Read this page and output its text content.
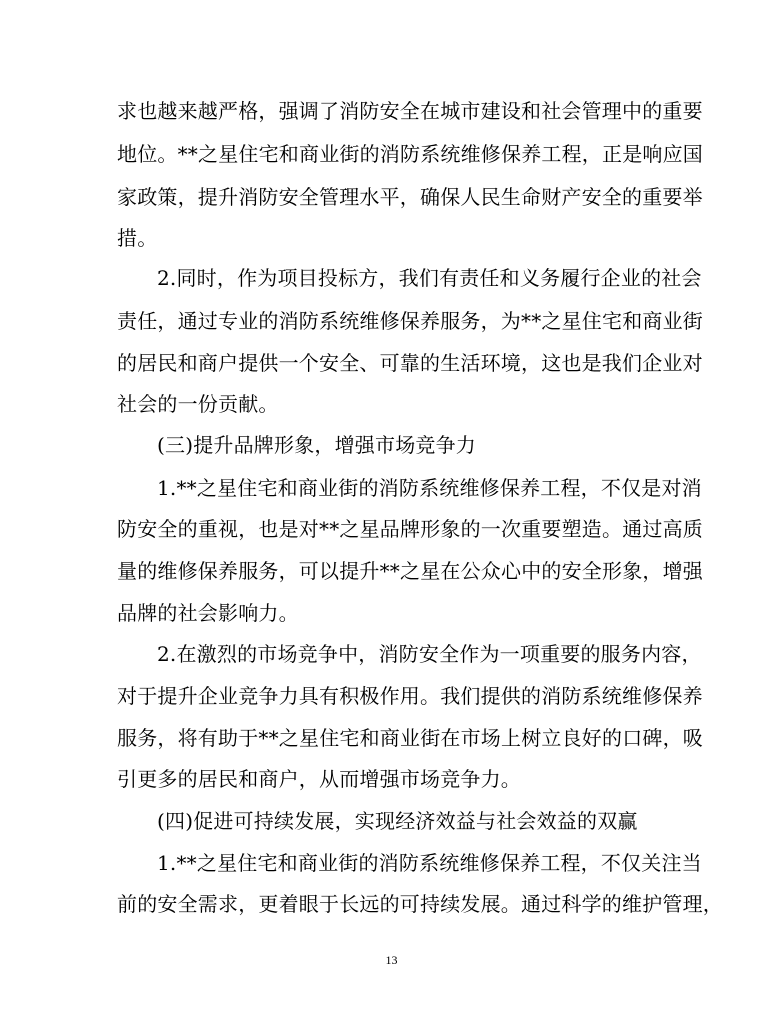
求也越来越严格，强调了消防安全在城市建设和社会管理中的重要
地位。**之星住宅和商业街的消防系统维修保养工程，正是响应国
家政策，提升消防安全管理水平，确保人民生命财产安全的重要举
措。
2.同时，作为项目投标方，我们有责任和义务履行企业的社会
责任，通过专业的消防系统维修保养服务，为**之星住宅和商业街
的居民和商户提供一个安全、可靠的生活环境，这也是我们企业对
社会的一份贡献。
(三)提升品牌形象，增强市场竞争力
1.**之星住宅和商业街的消防系统维修保养工程，不仅是对消
防安全的重视，也是对**之星品牌形象的一次重要塑造。通过高质
量的维修保养服务，可以提升**之星在公众心中的安全形象，增强
品牌的社会影响力。
2.在激烈的市场竞争中，消防安全作为一项重要的服务内容，
对于提升企业竞争力具有积极作用。我们提供的消防系统维修保养
服务，将有助于**之星住宅和商业街在市场上树立良好的口碑，吸
引更多的居民和商户，从而增强市场竞争力。
(四)促进可持续发展，实现经济效益与社会效益的双赢
1.**之星住宅和商业街的消防系统维修保养工程，不仅关注当
前的安全需求，更着眼于长远的可持续发展。通过科学的维护管理，
13
